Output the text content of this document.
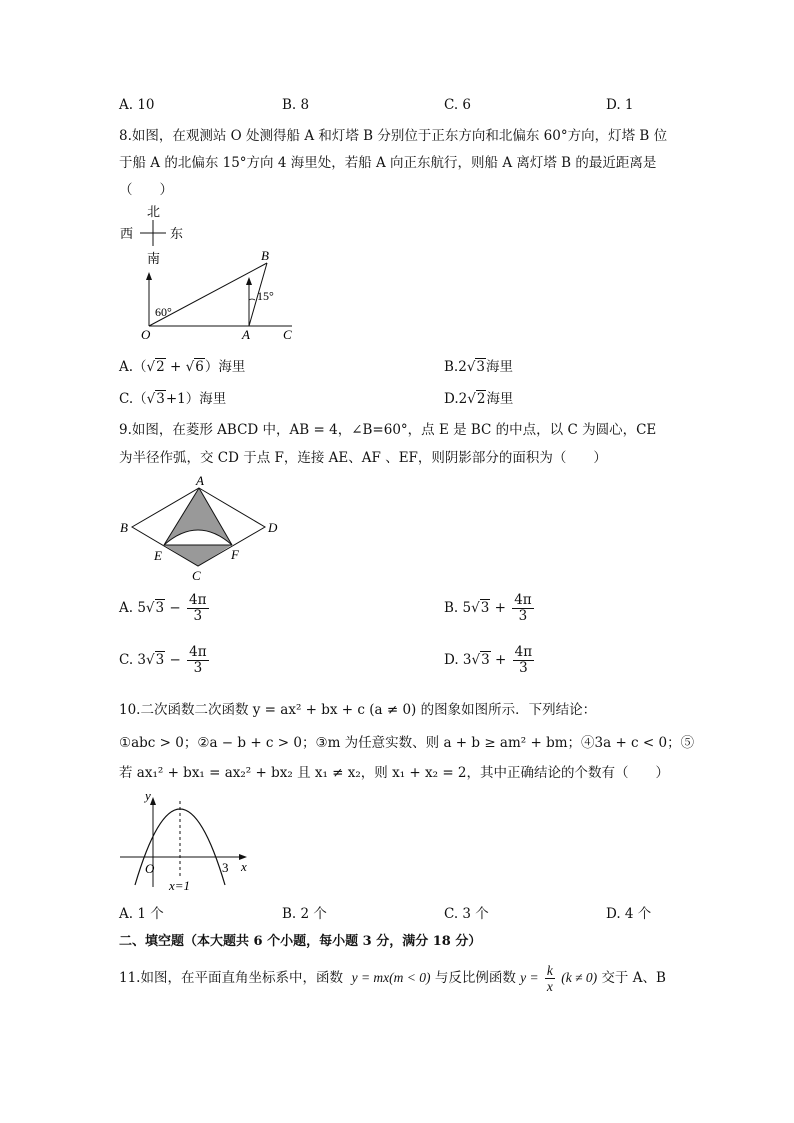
A. 10	B. 8	C. 6	D. 1
8.如图，在观测站 O 处测得船 A 和灯塔 B 分别位于正东方向和北偏东 60°方向，灯塔 B 位
于船 A 的北偏东 15°方向 4 海里处，若船 A 向正东航行，则船 A 离灯塔 B 的最近距离是
（　　）
北
西	东
南
60°
15°
B
O	A	C
A.（√2 + √6）海里	B.2√3海里
C.（√3+1）海里	D.2√2海里
9.如图，在菱形 ABCD 中，AB = 4，∠B=60°，点 E 是 BC 的中点，以 C 为圆心，CE
为半径作弧，交 CD 于点 F，连接 AE、AF 、EF，则阴影部分的面积为（　　）
A
B	D
E	F
C
A. $5√3 - \frac{4\pi}{3}$	B. $5√3 + \frac{4\pi}{3}$
C. $3√3 - \frac{4\pi}{3}$	D. $3√3 + \frac{4\pi}{3}$
10.二次函数二次函数 y = ax² + bx + c (a ≠ 0) 的图象如图所示．下列结论：
①abc > 0；②a − b + c > 0；③m 为任意实数、则 a + b ≥ am² + bm；④3a + c < 0；⑤
若 ax₁² + bx₁ = ax₂² + bx₂ 且 x₁ ≠ x₂，则 x₁ + x₂ = 2，其中正确结论的个数有（　　）
y
x
O	3
x=1
A. 1 个	B. 2 个	C. 3 个	D. 4 个
二、填空题（本大题共 6 个小题，每小题 3 分，满分 18 分）
11.如图，在平面直角坐标系中，函数 y = mx(m < 0) 与反比例函数 $y = \frac{k}{x} (k \ne 0)$ 交于 A、B
